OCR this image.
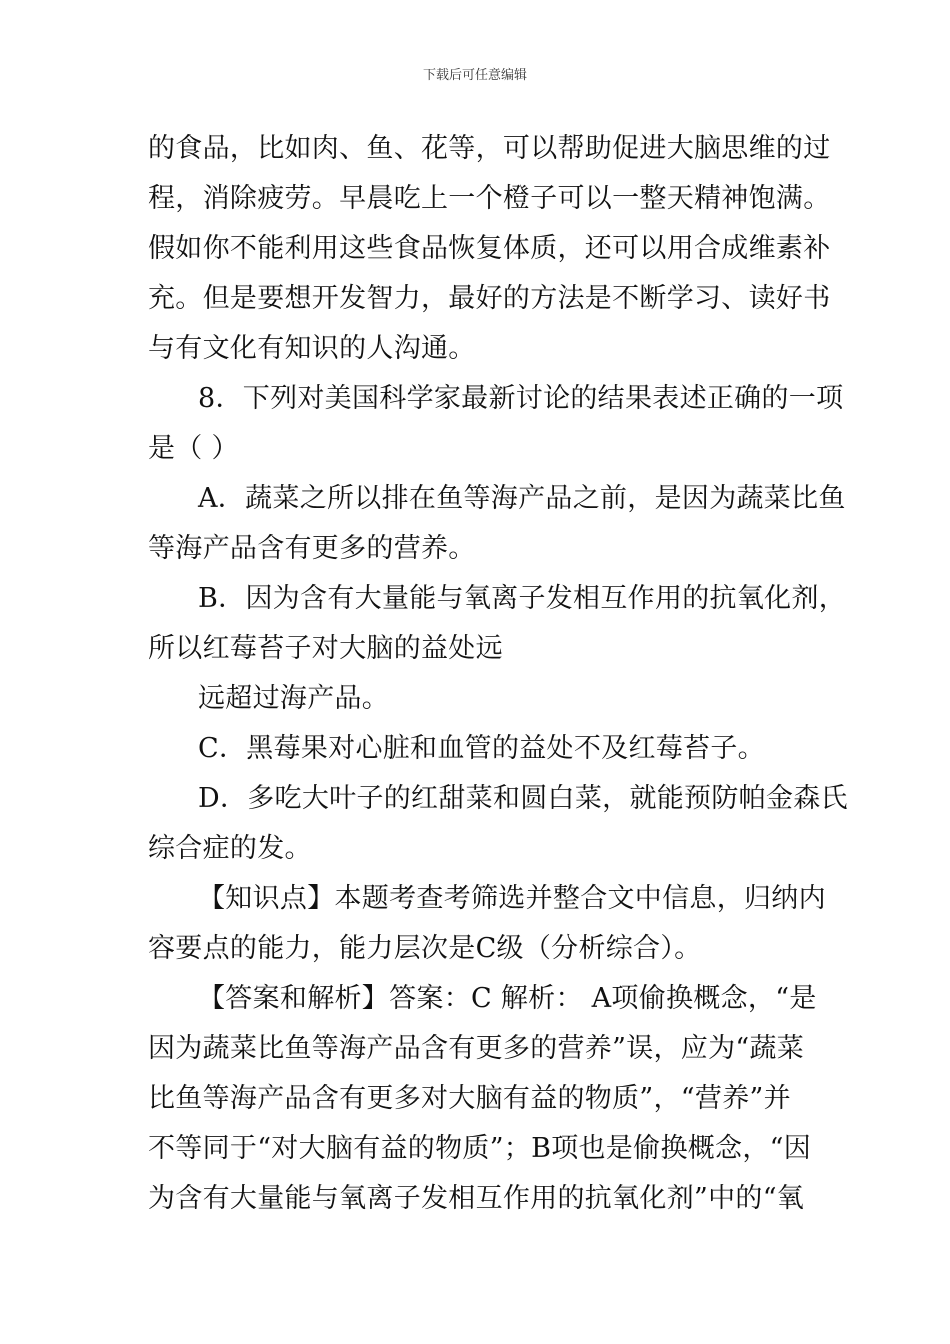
下载后可任意编辑
的食品，比如肉、鱼、花等，可以帮助促进大脑思维的过
程，消除疲劳。早晨吃上一个橙子可以一整天精神饱满。
假如你不能利用这些食品恢复体质，还可以用合成维素补
充。但是要想开发智力，最好的方法是不断学习、读好书
与有文化有知识的人沟通。
8．下列对美国科学家最新讨论的结果表述正确的一项
是（ ）
A．蔬菜之所以排在鱼等海产品之前，是因为蔬菜比鱼
等海产品含有更多的营养。
B．因为含有大量能与氧离子发相互作用的抗氧化剂，
所以红莓苔子对大脑的益处远
远超过海产品。
C．黑莓果对心脏和血管的益处不及红莓苔子。
D．多吃大叶子的红甜菜和圆白菜，就能预防帕金森氏
综合症的发。
【知识点】本题考查考筛选并整合文中信息，归纳内
容要点的能力，能力层次是C级（分析综合）。
【答案和解析】答案：C 解析： A项偷换概念，“是
因为蔬菜比鱼等海产品含有更多的营养”误，应为“蔬菜
比鱼等海产品含有更多对大脑有益的物质”，“营养”并
不等同于“对大脑有益的物质”；B项也是偷换概念，“因
为含有大量能与氧离子发相互作用的抗氧化剂”中的“氧
